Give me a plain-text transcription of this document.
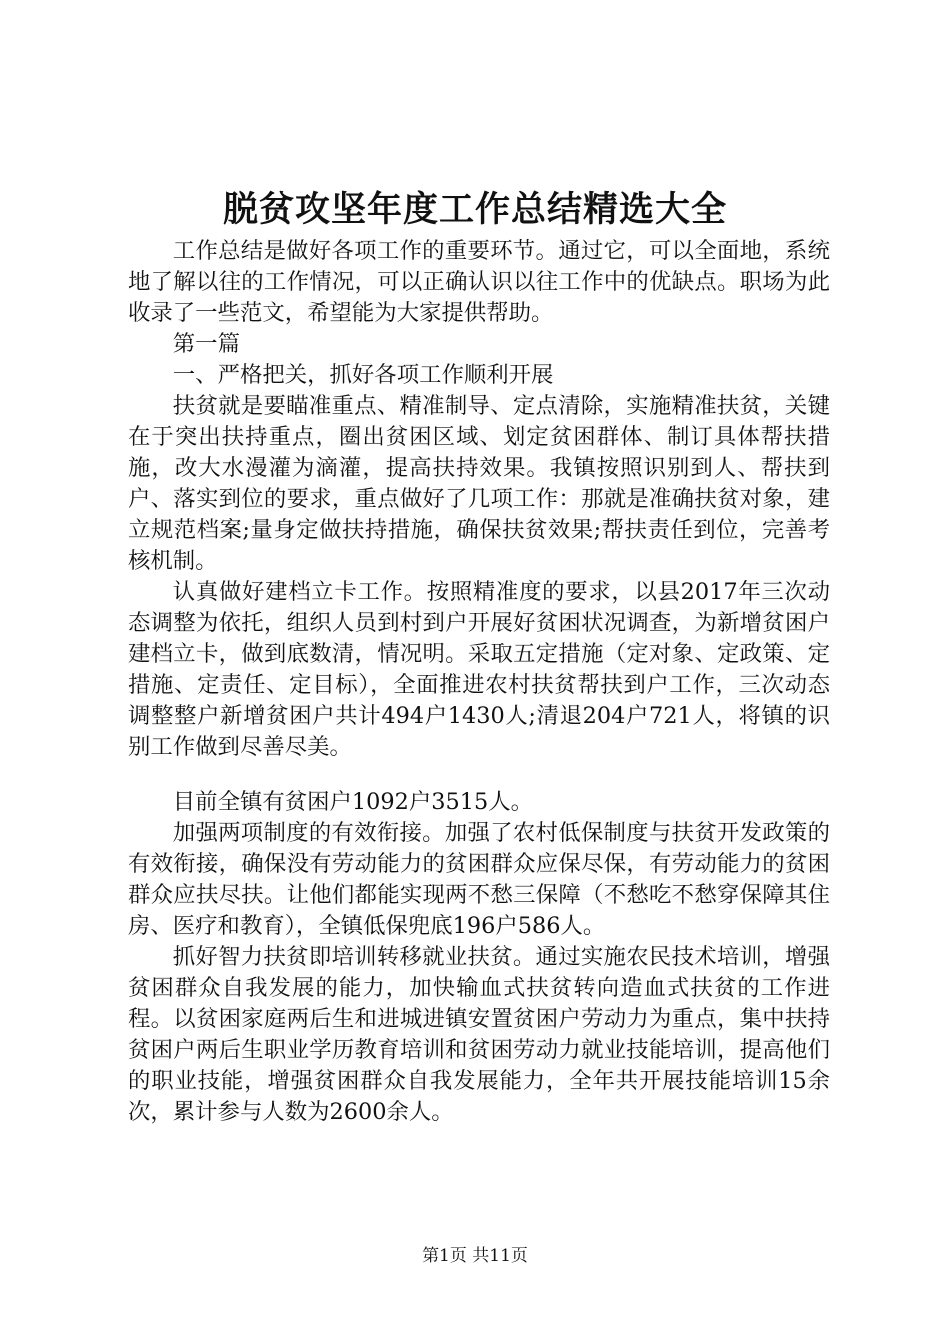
脱贫攻坚年度工作总结精选大全

工作总结是做好各项工作的重要环节。通过它，可以全面地，系统地了解以往的工作情况，可以正确认识以往工作中的优缺点。职场为此收录了一些范文，希望能为大家提供帮助。

第一篇

一、严格把关，抓好各项工作顺利开展

扶贫就是要瞄准重点、精准制导、定点清除，实施精准扶贫，关键在于突出扶持重点，圈出贫困区域、划定贫困群体、制订具体帮扶措施，改大水漫灌为滴灌，提高扶持效果。我镇按照识别到人、帮扶到户、落实到位的要求，重点做好了几项工作：那就是准确扶贫对象，建立规范档案;量身定做扶持措施，确保扶贫效果;帮扶责任到位，完善考核机制。

认真做好建档立卡工作。按照精准度的要求，以县2017年三次动态调整为依托，组织人员到村到户开展好贫困状况调查，为新增贫困户建档立卡，做到底数清，情况明。采取五定措施（定对象、定政策、定措施、定责任、定目标），全面推进农村扶贫帮扶到户工作，三次动态调整整户新增贫困户共计494户1430人;清退204户721人，将镇的识别工作做到尽善尽美。

目前全镇有贫困户1092户3515人。

加强两项制度的有效衔接。加强了农村低保制度与扶贫开发政策的有效衔接，确保没有劳动能力的贫困群众应保尽保，有劳动能力的贫困群众应扶尽扶。让他们都能实现两不愁三保障（不愁吃不愁穿保障其住房、医疗和教育），全镇低保兜底196户586人。

抓好智力扶贫即培训转移就业扶贫。通过实施农民技术培训，增强贫困群众自我发展的能力，加快输血式扶贫转向造血式扶贫的工作进程。以贫困家庭两后生和进城进镇安置贫困户劳动力为重点，集中扶持贫困户两后生职业学历教育培训和贫困劳动力就业技能培训，提高他们的职业技能，增强贫困群众自我发展能力，全年共开展技能培训15余次，累计参与人数为2600余人。

第1页 共11页
